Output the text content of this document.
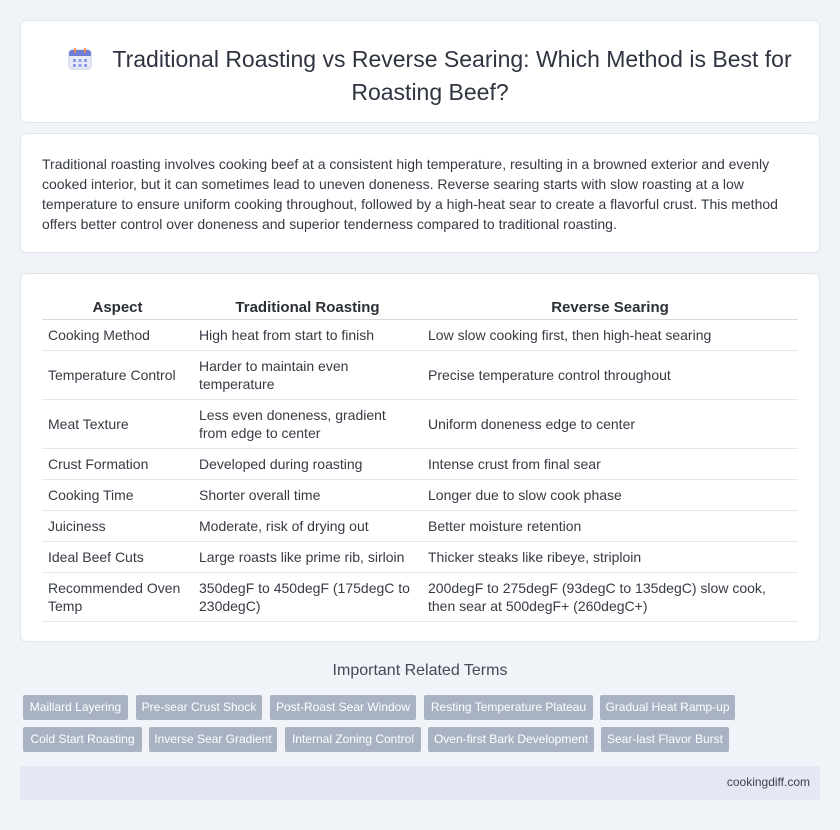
Traditional Roasting vs Reverse Searing: Which Method is Best for Roasting Beef?
Traditional roasting involves cooking beef at a consistent high temperature, resulting in a browned exterior and evenly cooked interior, but it can sometimes lead to uneven doneness. Reverse searing starts with slow roasting at a low temperature to ensure uniform cooking throughout, followed by a high-heat sear to create a flavorful crust. This method offers better control over doneness and superior tenderness compared to traditional roasting.
Aspect	Traditional Roasting	Reverse Searing
Cooking Method	High heat from start to finish	Low slow cooking first, then high-heat searing
Temperature Control	Harder to maintain even temperature	Precise temperature control throughout
Meat Texture	Less even doneness, gradient from edge to center	Uniform doneness edge to center
Crust Formation	Developed during roasting	Intense crust from final sear
Cooking Time	Shorter overall time	Longer due to slow cook phase
Juiciness	Moderate, risk of drying out	Better moisture retention
Ideal Beef Cuts	Large roasts like prime rib, sirloin	Thicker steaks like ribeye, striploin
Recommended Oven Temp	350degF to 450degF (175degC to 230degC)	200degF to 275degF (93degC to 135degC) slow cook, then sear at 500degF+ (260degC+)
Important Related Terms
Maillard Layering	Pre-sear Crust Shock	Post-Roast Sear Window	Resting Temperature Plateau	Gradual Heat Ramp-up
Cold Start Roasting	Inverse Sear Gradient	Internal Zoning Control	Oven-first Bark Development	Sear-last Flavor Burst
cookingdiff.com
